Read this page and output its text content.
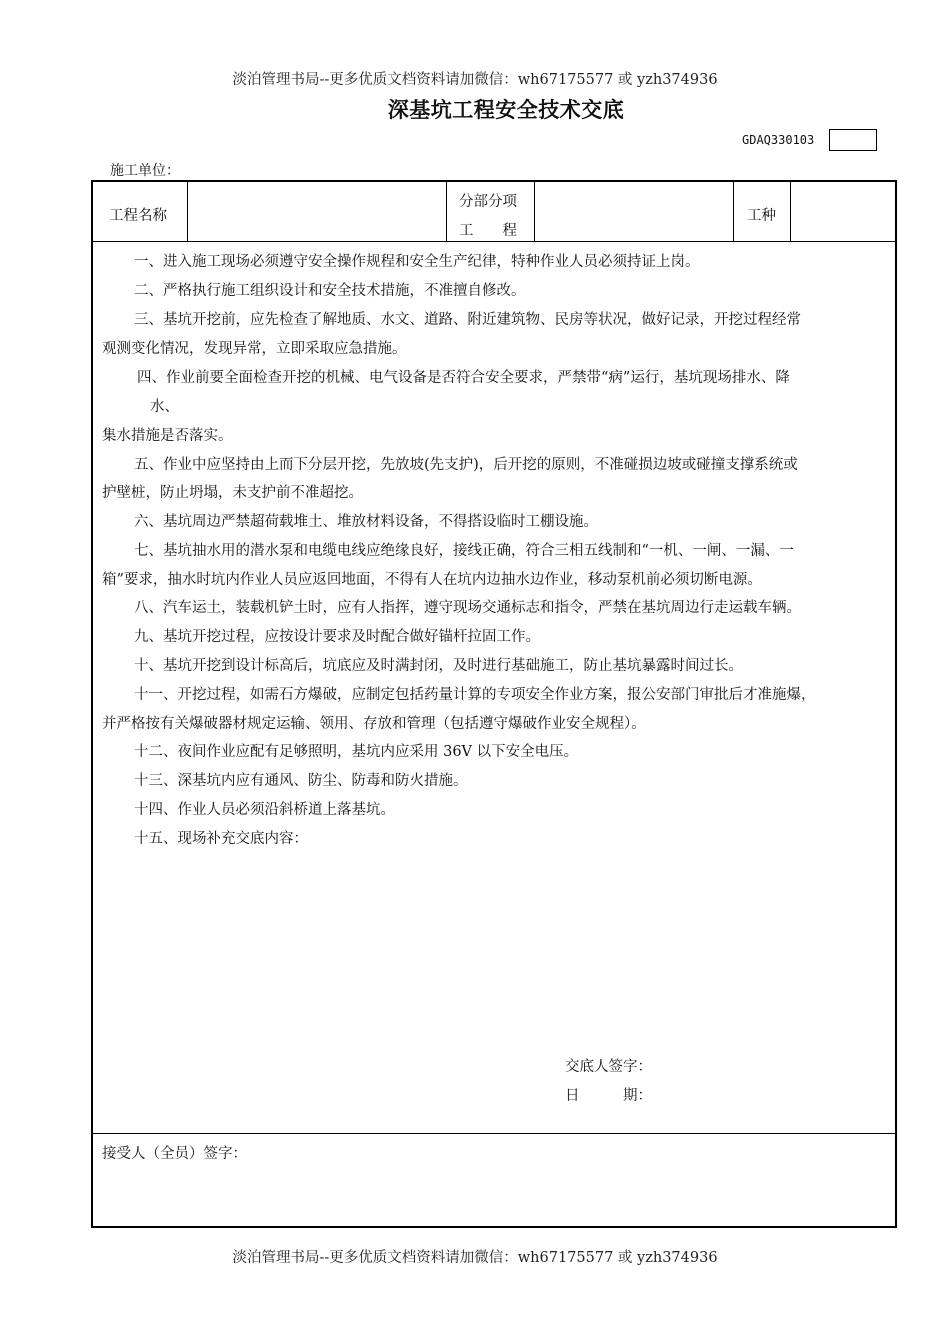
淡泊管理书局--更多优质文档资料请加微信：wh67175577 或 yzh374936
深基坑工程安全技术交底
GDAQ330103
施工单位：
工程名称
分部分项
工　　程
工种

一、进入施工现场必须遵守安全操作规程和安全生产纪律，特种作业人员必须持证上岗。

二、严格执行施工组织设计和安全技术措施，不准擅自修改。

三、基坑开挖前，应先检查了解地质、水文、道路、附近建筑物、民房等状况，做好记录，开挖过程经常

观测变化情况，发现异常，立即采取应急措施。

四、作业前要全面检查开挖的机械、电气设备是否符合安全要求，严禁带“病”运行，基坑现场排水、降

水、

集水措施是否落实。

五、作业中应坚持由上而下分层开挖，先放坡(先支护)，后开挖的原则，不准碰损边坡或碰撞支撑系统或

护壁桩，防止坍塌，未支护前不准超挖。

六、基坑周边严禁超荷载堆土、堆放材料设备，不得搭设临时工棚设施。

七、基坑抽水用的潜水泵和电缆电线应绝缘良好，接线正确，符合三相五线制和“一机、一闸、一漏、一

箱”要求，抽水时坑内作业人员应返回地面，不得有人在坑内边抽水边作业，移动泵机前必须切断电源。

八、汽车运土，装载机铲土时，应有人指挥，遵守现场交通标志和指令，严禁在基坑周边行走运载车辆。

九、基坑开挖过程，应按设计要求及时配合做好锚杆拉固工作。

十、基坑开挖到设计标高后，坑底应及时满封闭，及时进行基础施工，防止基坑暴露时间过长。

十一、开挖过程，如需石方爆破，应制定包括药量计算的专项安全作业方案，报公安部门审批后才准施爆，

并严格按有关爆破器材规定运输、领用、存放和管理（包括遵守爆破作业安全规程）。

十二、夜间作业应配有足够照明，基坑内应采用 36V 以下安全电压。

十三、深基坑内应有通风、防尘、防毒和防火措施。

十四、作业人员必须沿斜桥道上落基坑。

十五、现场补充交底内容：

交底人签字：
日　　　期：
接受人（全员）签字：
淡泊管理书局--更多优质文档资料请加微信：wh67175577 或 yzh374936
